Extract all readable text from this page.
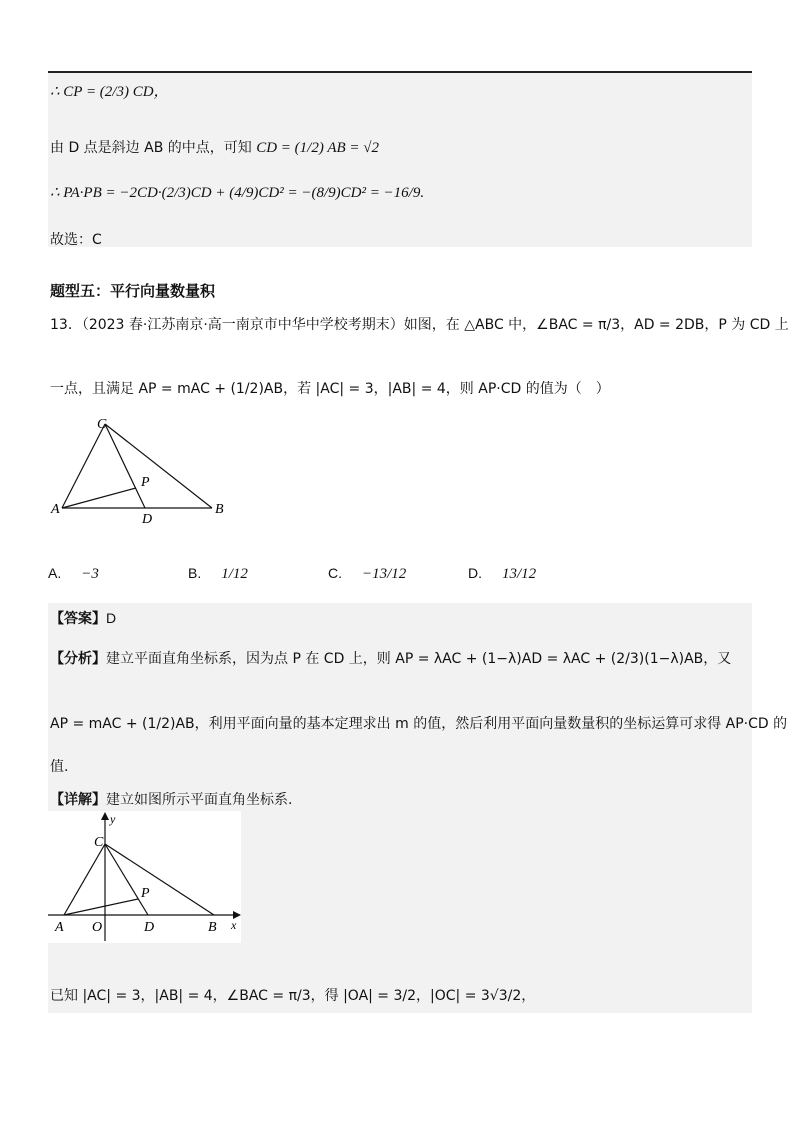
∴ CP = (2/3) CD，
由 D 点是斜边 AB 的中点，可知 CD = (1/2) AB = √2
∴ PA·PB = −2CD·(2/3)CD + (4/9)CD² = −(8/9)CD² = −16/9.
故选：C
题型五：平行向量数量积
13．（2023 春·江苏南京·高一南京市中华中学校考期末）如图，在 △ABC 中，∠BAC = π/3，AD = 2DB，P 为 CD 上
一点，且满足 AP = mAC + (1/2)AB，若 |AC| = 3，|AB| = 4，则 AP·CD 的值为（　）
C
A
P
D
B
A. −3	B. 1/12	C. −13/12	D. 13/12
【答案】D
【分析】建立平面直角坐标系，因为点 P 在 CD 上，则 AP = λAC + (1−λ)AD = λAC + (2/3)(1−λ)AB，又
AP = mAC + (1/2)AB，利用平面向量的基本定理求出 m 的值，然后利用平面向量数量积的坐标运算可求得 AP·CD 的
值.
【详解】建立如图所示平面直角坐标系.
y
C
P
A O	D	B x
已知 |AC| = 3，|AB| = 4，∠BAC = π/3，得 |OA| = 3/2，|OC| = 3√3/2，
